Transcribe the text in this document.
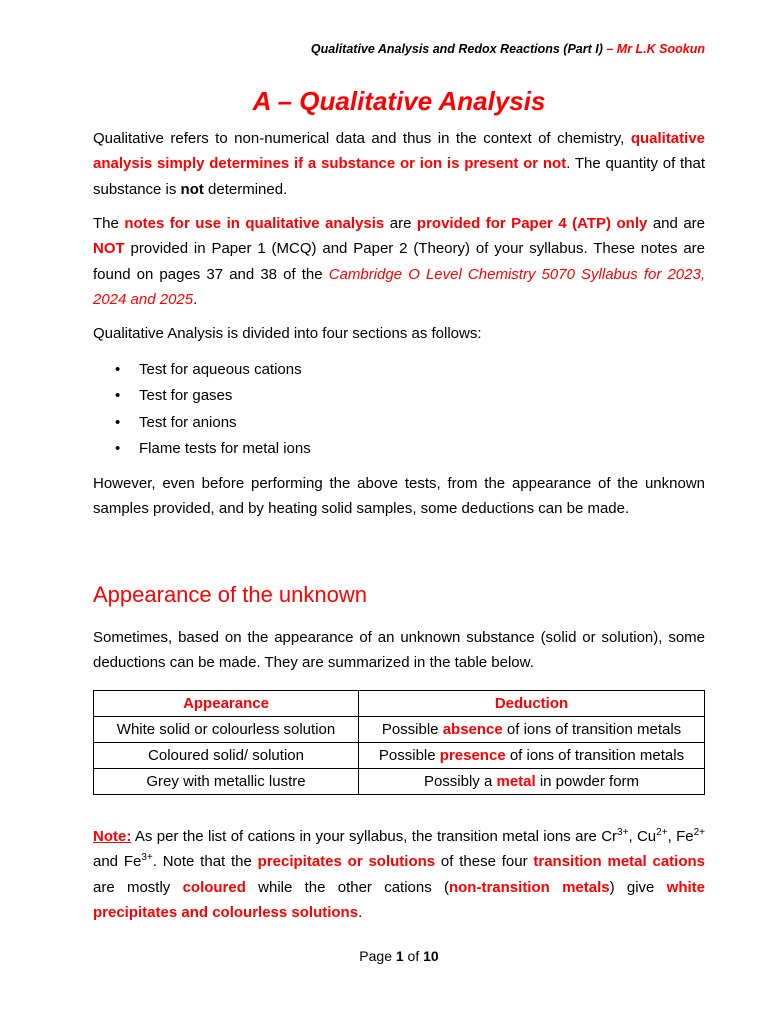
Qualitative Analysis and Redox Reactions (Part I) – Mr L.K Sookun
A – Qualitative Analysis

Qualitative refers to non-numerical data and thus in the context of chemistry, qualitative analysis simply determines if a substance or ion is present or not. The quantity of that substance is not determined.

The notes for use in qualitative analysis are provided for Paper 4 (ATP) only and are NOT provided in Paper 1 (MCQ) and Paper 2 (Theory) of your syllabus. These notes are found on pages 37 and 38 of the Cambridge O Level Chemistry 5070 Syllabus for 2023, 2024 and 2025.

Qualitative Analysis is divided into four sections as follows:

• Test for aqueous cations
• Test for gases
• Test for anions
• Flame tests for metal ions

However, even before performing the above tests, from the appearance of the unknown samples provided, and by heating solid samples, some deductions can be made.

Appearance of the unknown

Sometimes, based on the appearance of an unknown substance (solid or solution), some deductions can be made. They are summarized in the table below.

Appearance	Deduction
White solid or colourless solution	Possible absence of ions of transition metals
Coloured solid/ solution	Possible presence of ions of transition metals
Grey with metallic lustre	Possibly a metal in powder form

Note: As per the list of cations in your syllabus, the transition metal ions are $Cr^{3+}$, $Cu^{2+}$, $Fe^{2+}$ and $Fe^{3+}$. Note that the precipitates or solutions of these four transition metal cations are mostly coloured while the other cations (non-transition metals) give white precipitates and colourless solutions.

Page 1 of 10
